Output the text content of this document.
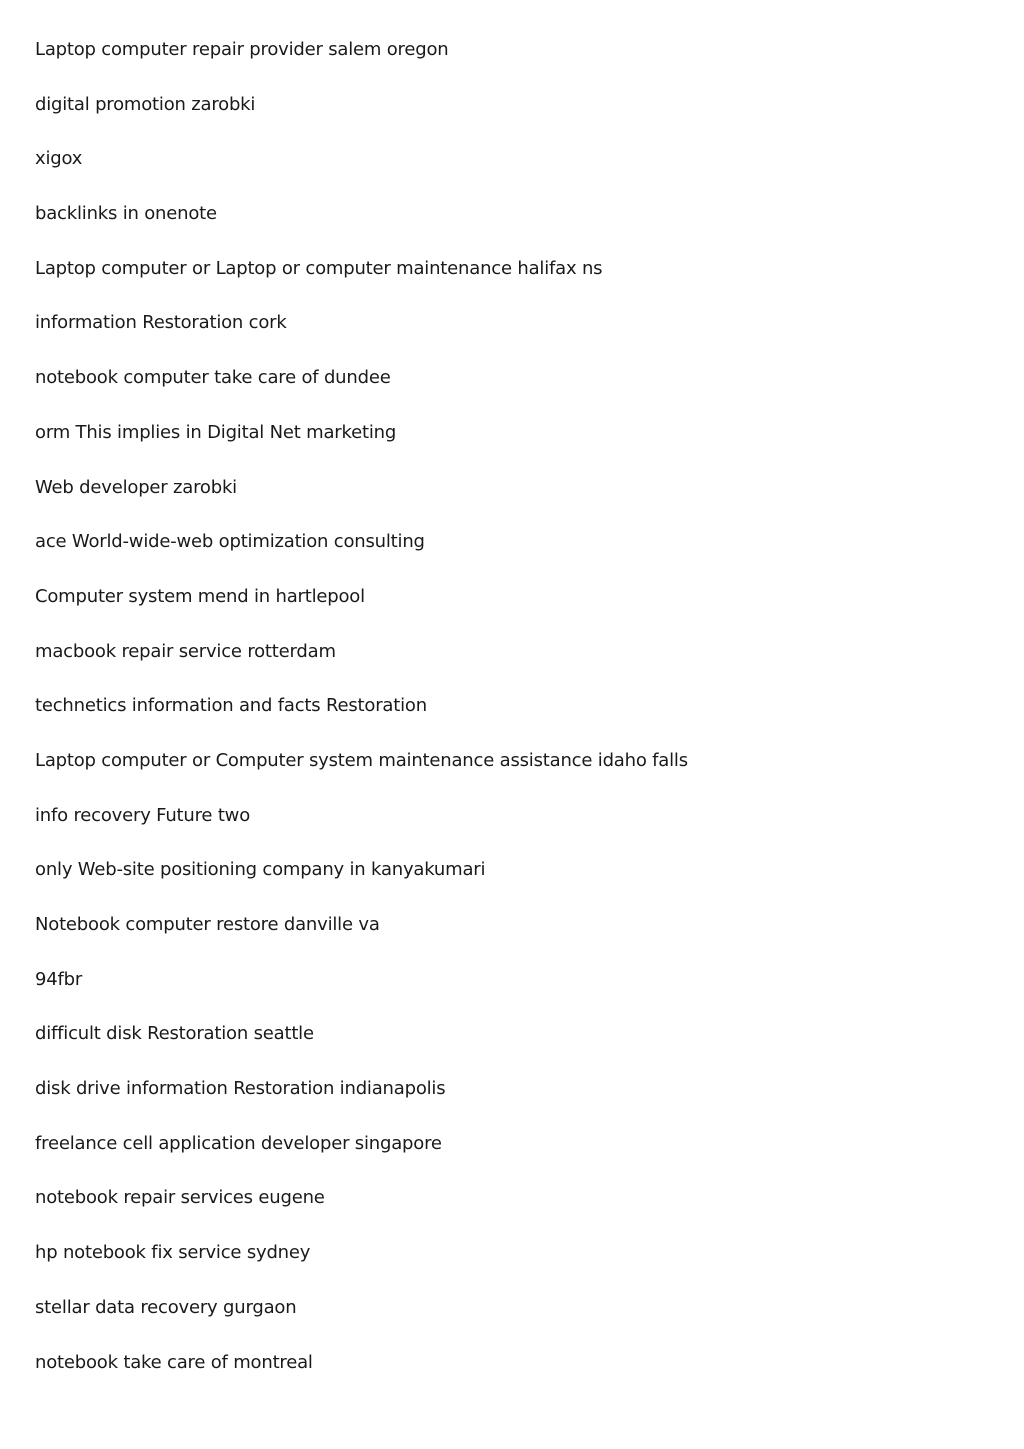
Laptop computer repair provider salem oregon
digital promotion zarobki
xigox
backlinks in onenote
Laptop computer or Laptop or computer maintenance halifax ns
information Restoration cork
notebook computer take care of dundee
orm This implies in Digital Net marketing
Web developer zarobki
ace World-wide-web optimization consulting
Computer system mend in hartlepool
macbook repair service rotterdam
technetics information and facts Restoration
Laptop computer or Computer system maintenance assistance idaho falls
info recovery Future two
only Web-site positioning company in kanyakumari
Notebook computer restore danville va
94fbr
difficult disk Restoration seattle
disk drive information Restoration indianapolis
freelance cell application developer singapore
notebook repair services eugene
hp notebook fix service sydney
stellar data recovery gurgaon
notebook take care of montreal
